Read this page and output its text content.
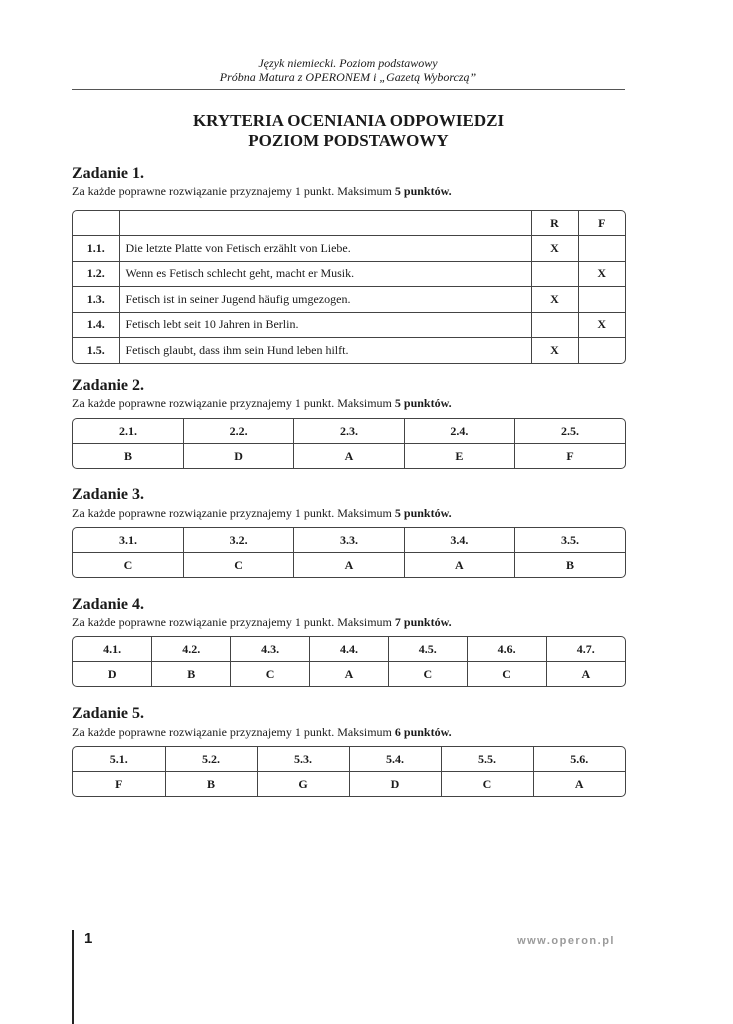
Język niemiecki. Poziom podstawowy
Próbna Matura z OPERONEM i „Gazetą Wyborczą”
KRYTERIA OCENIANIA ODPOWIEDZI
POZIOM PODSTAWOWY
Zadanie 1.
Za każde poprawne rozwiązanie przyznajemy 1 punkt. Maksimum 5 punktów.
		R	F
1.1.	Die letzte Platte von Fetisch erzählt von Liebe.	X	
1.2.	Wenn es Fetisch schlecht geht, macht er Musik.		X
1.3.	Fetisch ist in seiner Jugend häufig umgezogen.	X	
1.4.	Fetisch lebt seit 10 Jahren in Berlin.		X
1.5.	Fetisch glaubt, dass ihm sein Hund leben hilft.	X	
Zadanie 2.
Za każde poprawne rozwiązanie przyznajemy 1 punkt. Maksimum 5 punktów.
2.1.	2.2.	2.3.	2.4.	2.5.
B	D	A	E	F
Zadanie 3.
Za każde poprawne rozwiązanie przyznajemy 1 punkt. Maksimum 5 punktów.
3.1.	3.2.	3.3.	3.4.	3.5.
C	C	A	A	B
Zadanie 4.
Za każde poprawne rozwiązanie przyznajemy 1 punkt. Maksimum 7 punktów.
4.1.	4.2.	4.3.	4.4.	4.5.	4.6.	4.7.
D	B	C	A	C	C	A
Zadanie 5.
Za każde poprawne rozwiązanie przyznajemy 1 punkt. Maksimum 6 punktów.
5.1.	5.2.	5.3.	5.4.	5.5.	5.6.
F	B	G	D	C	A
1	www.operon.pl
